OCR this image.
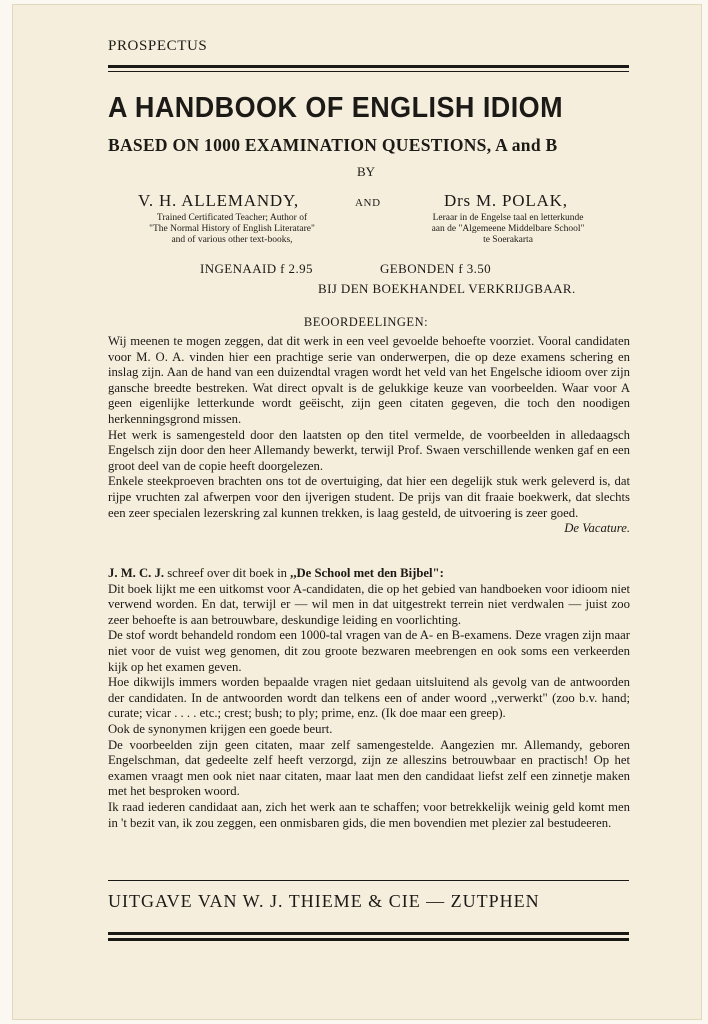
PROSPECTUS
A HANDBOOK OF ENGLISH IDIOM
BASED ON 1000 EXAMINATION QUESTIONS, A and B
BY
V. H. ALLEMANDY,	AND	Drs M. POLAK,
Trained Certificated Teacher; Author of
"The Normal History of English Literatare"
and of various other text-books,
Leraar in de Engelse taal en letterkunde
aan de "Algemeene Middelbare School"
te Soerakarta
INGENAAID f 2.95	GEBONDEN f 3.50
BIJ DEN BOEKHANDEL VERKRIJGBAAR.
BEOORDEELINGEN:

Wij meenen te mogen zeggen, dat dit werk in een veel gevoelde behoefte voorziet. Vooral candidaten voor M. O. A. vinden hier een prachtige serie van onderwerpen, die op deze examens schering en inslag zijn. Aan de hand van een duizendtal vragen wordt het veld van het Engelsche idioom over zijn gansche breedte bestreken. Wat direct opvalt is de gelukkige keuze van voorbeelden. Waar voor A geen eigenlijke letterkunde wordt geëischt, zijn geen citaten gegeven, die toch den noodigen herkenningsgrond missen.

Het werk is samengesteld door den laatsten op den titel vermelde, de voorbeelden in alledaagsch Engelsch zijn door den heer Allemandy bewerkt, terwijl Prof. Swaen verschillende wenken gaf en een groot deel van de copie heeft doorgelezen.

Enkele steekproeven brachten ons tot de overtuiging, dat hier een degelijk stuk werk geleverd is, dat rijpe vruchten zal afwerpen voor den ijverigen student. De prijs van dit fraaie boekwerk, dat slechts een zeer specialen lezerskring zal kunnen trekken, is laag gesteld, de uitvoering is zeer goed.
De Vacature.

J. M. C. J. schreef over dit boek in ,,De School met den Bijbel":

Dit boek lijkt me een uitkomst voor A-candidaten, die op het gebied van handboeken voor idioom niet verwend worden. En dat, terwijl er — wil men in dat uitgestrekt terrein niet verdwalen — juist zoo zeer behoefte is aan betrouwbare, deskundige leiding en voorlichting.

De stof wordt behandeld rondom een 1000-tal vragen van de A- en B-examens. Deze vragen zijn maar niet voor de vuist weg genomen, dit zou groote bezwaren meebrengen en ook soms een verkeerden kijk op het examen geven.

Hoe dikwijls immers worden bepaalde vragen niet gedaan uitsluitend als gevolg van de antwoorden der candidaten. In de antwoorden wordt dan telkens een of ander woord ,,verwerkt" (zoo b.v. hand; curate; vicar . . . . etc.; crest; bush; to ply; prime, enz. (Ik doe maar een greep).

Ook de synonymen krijgen een goede beurt.

De voorbeelden zijn geen citaten, maar zelf samengestelde. Aangezien mr. Allemandy, geboren Engelschman, dat gedeelte zelf heeft verzorgd, zijn ze alleszins betrouwbaar en practisch! Op het examen vraagt men ook niet naar citaten, maar laat men den candidaat liefst zelf een zinnetje maken met het besproken woord.

Ik raad iederen candidaat aan, zich het werk aan te schaffen; voor betrekkelijk weinig geld komt men in 't bezit van, ik zou zeggen, een onmisbaren gids, die men bovendien met plezier zal bestudeeren.

UITGAVE VAN W. J. THIEME & CIE — ZUTPHEN
